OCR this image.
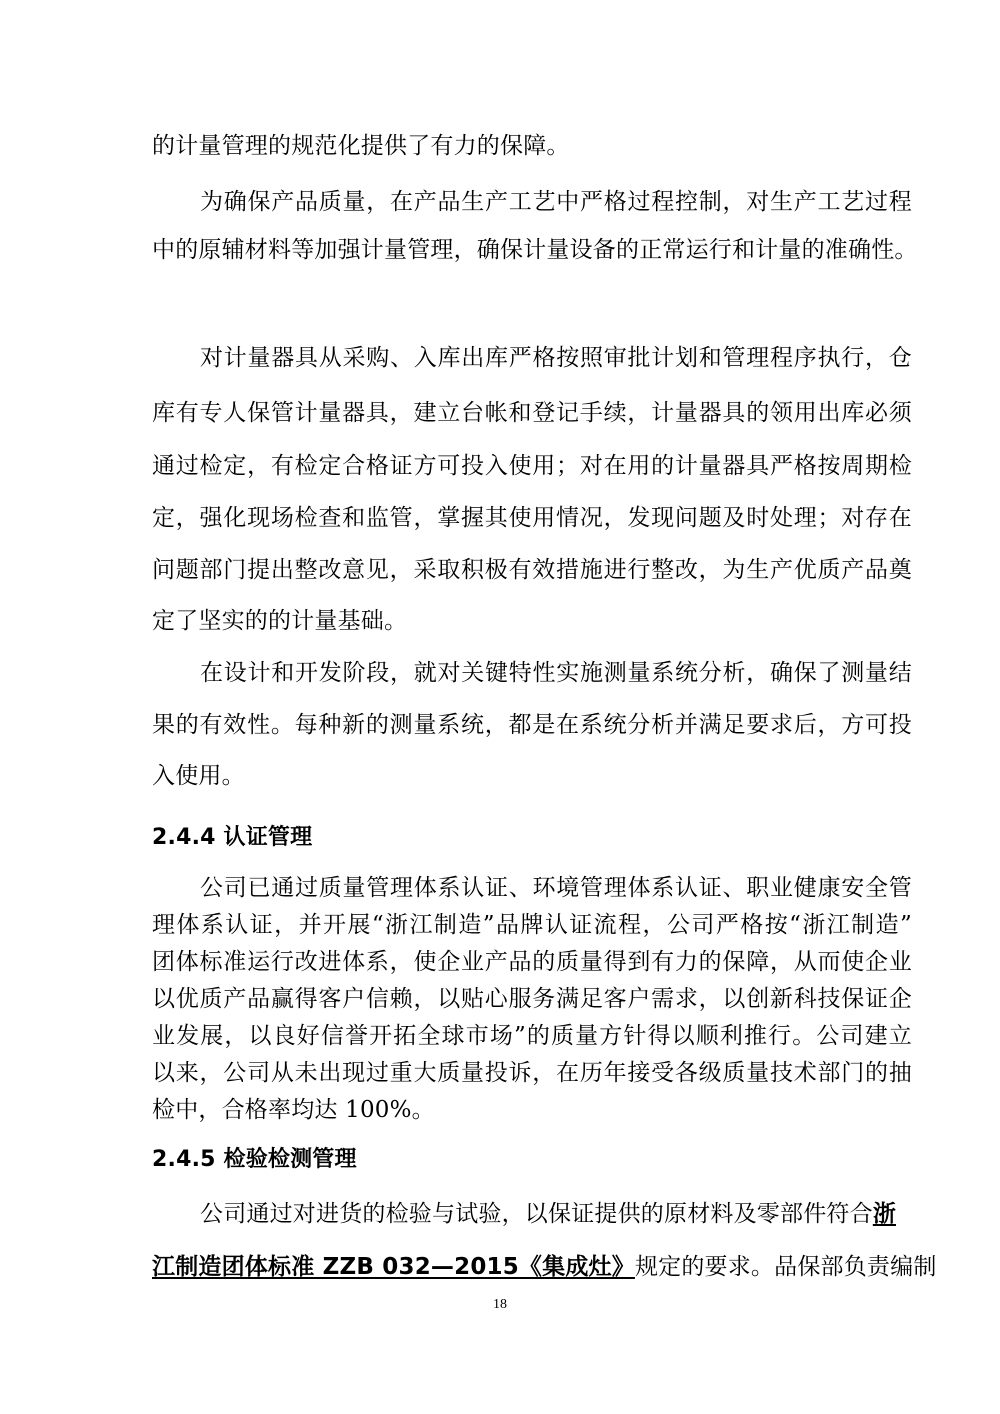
的计量管理的规范化提供了有力的保障。
为确保产品质量，在产品生产工艺中严格过程控制，对生产工艺过程
中的原辅材料等加强计量管理，确保计量设备的正常运行和计量的准确性。
对计量器具从采购、入库出库严格按照审批计划和管理程序执行，仓
库有专人保管计量器具，建立台帐和登记手续，计量器具的领用出库必须
通过检定，有检定合格证方可投入使用；对在用的计量器具严格按周期检
定，强化现场检查和监管，掌握其使用情况，发现问题及时处理；对存在
问题部门提出整改意见，采取积极有效措施进行整改，为生产优质产品奠
定了坚实的的计量基础。
在设计和开发阶段，就对关键特性实施测量系统分析，确保了测量结
果的有效性。每种新的测量系统，都是在系统分析并满足要求后，方可投
入使用。
2.4.4 认证管理
公司已通过质量管理体系认证、环境管理体系认证、职业健康安全管
理体系认证，并开展“浙江制造”品牌认证流程，公司严格按“浙江制造”
团体标准运行改进体系，使企业产品的质量得到有力的保障，从而使企业
以优质产品赢得客户信赖，以贴心服务满足客户需求，以创新科技保证企
业发展，以良好信誉开拓全球市场”的质量方针得以顺利推行。公司建立
以来，公司从未出现过重大质量投诉，在历年接受各级质量技术部门的抽
检中，合格率均达 100%。
2.4.5 检验检测管理
公司通过对进货的检验与试验，以保证提供的原材料及零部件符合浙
江制造团体标准 ZZB 032—2015《集成灶》规定的要求。品保部负责编制
18
